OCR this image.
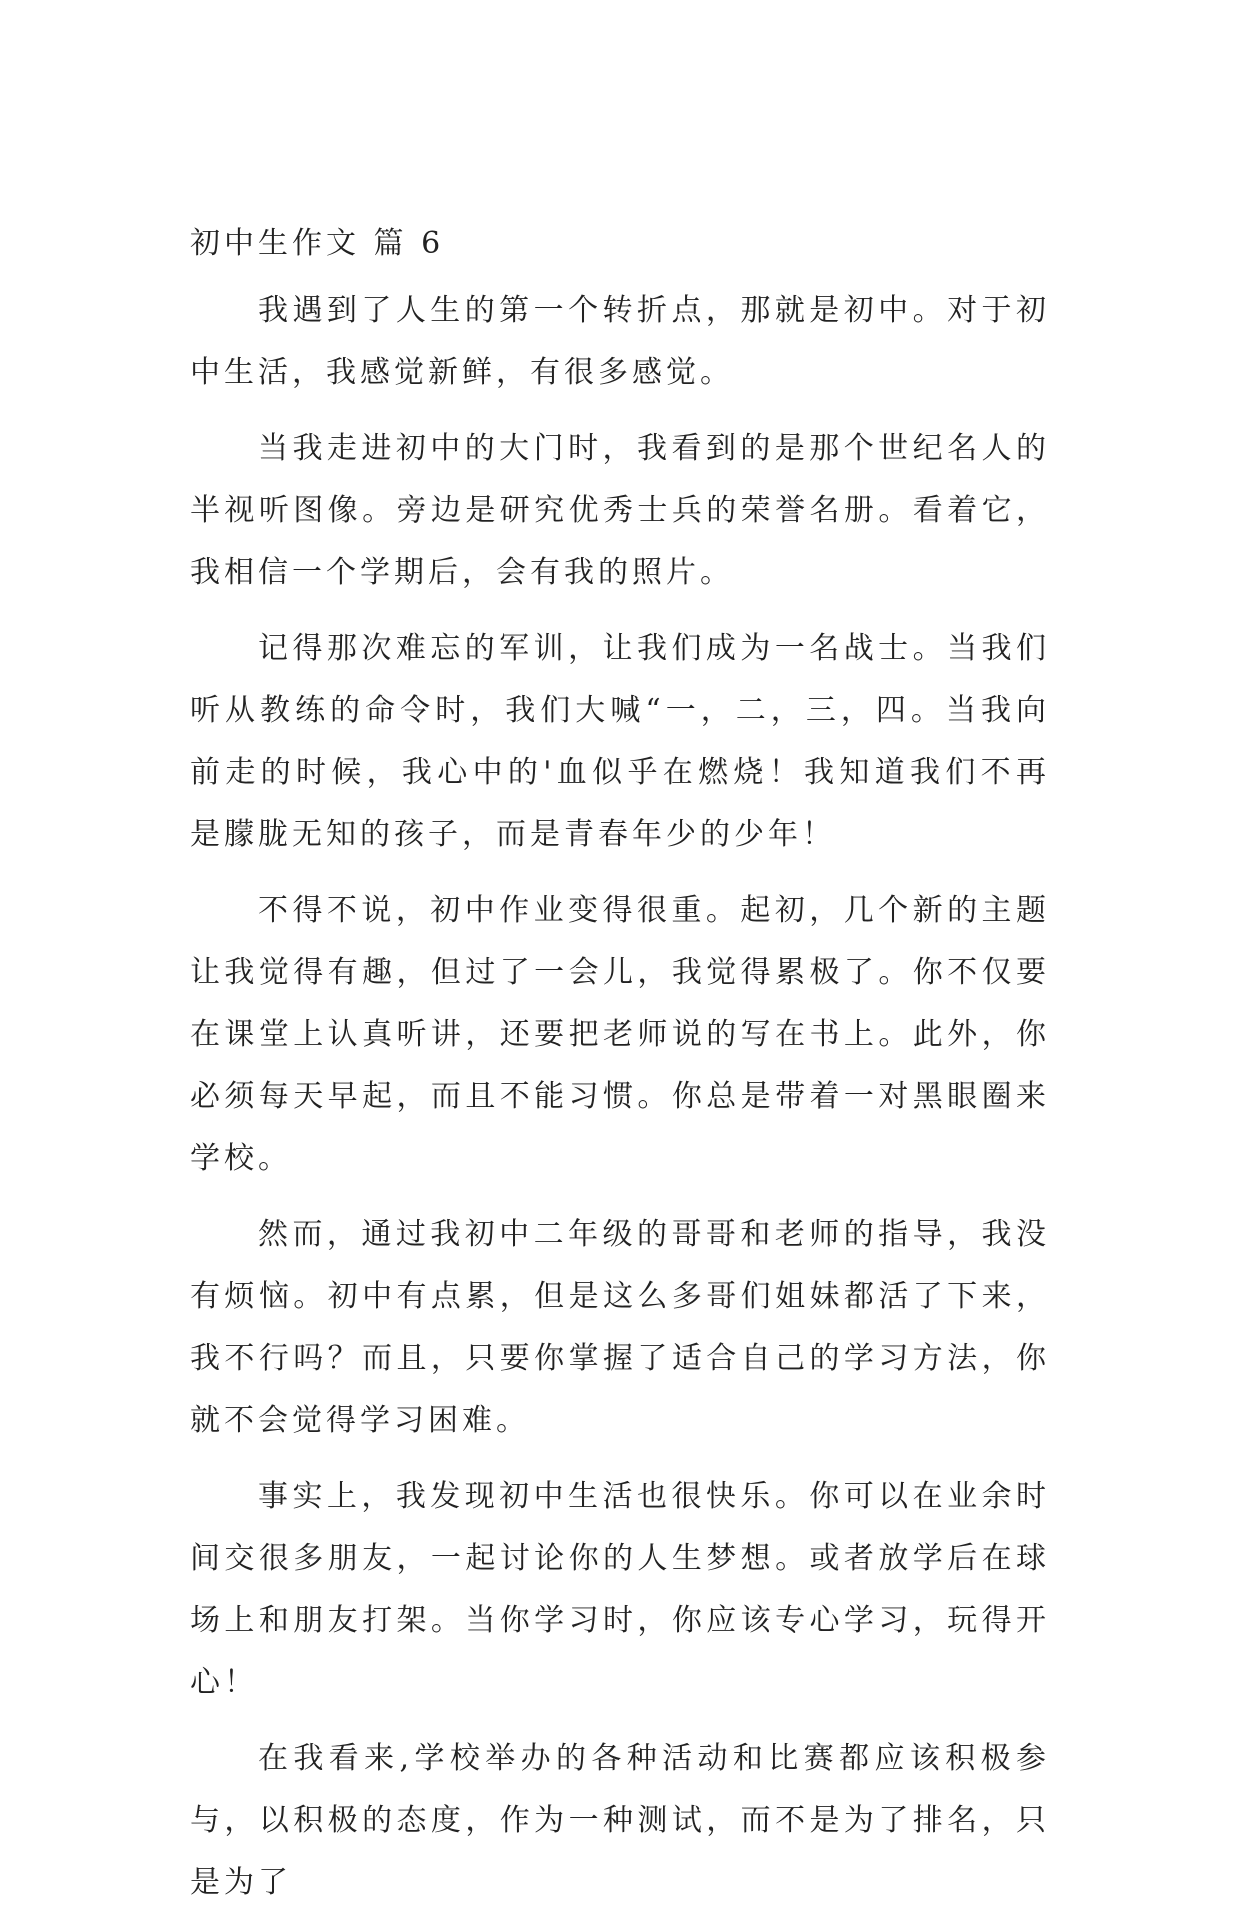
初中生作文 篇 6

我遇到了人生的第一个转折点，那就是初中。对于初中生活，我感觉新鲜，有很多感觉。

当我走进初中的大门时，我看到的是那个世纪名人的半视听图像。旁边是研究优秀士兵的荣誉名册。看着它，我相信一个学期后，会有我的照片。

记得那次难忘的军训，让我们成为一名战士。当我们听从教练的命令时，我们大喊“一，二，三，四。当我向前走的时候，我心中的'血似乎在燃烧！我知道我们不再是朦胧无知的孩子，而是青春年少的少年！

不得不说，初中作业变得很重。起初，几个新的主题让我觉得有趣，但过了一会儿，我觉得累极了。你不仅要在课堂上认真听讲，还要把老师说的写在书上。此外，你必须每天早起，而且不能习惯。你总是带着一对黑眼圈来学校。

然而，通过我初中二年级的哥哥和老师的指导，我没有烦恼。初中有点累，但是这么多哥们姐妹都活了下来，我不行吗？而且，只要你掌握了适合自己的学习方法，你就不会觉得学习困难。

事实上，我发现初中生活也很快乐。你可以在业余时间交很多朋友，一起讨论你的人生梦想。或者放学后在球场上和朋友打架。当你学习时，你应该专心学习，玩得开心！

在我看来,学校举办的各种活动和比赛都应该积极参与，以积极的态度，作为一种测试，而不是为了排名，只是为了
